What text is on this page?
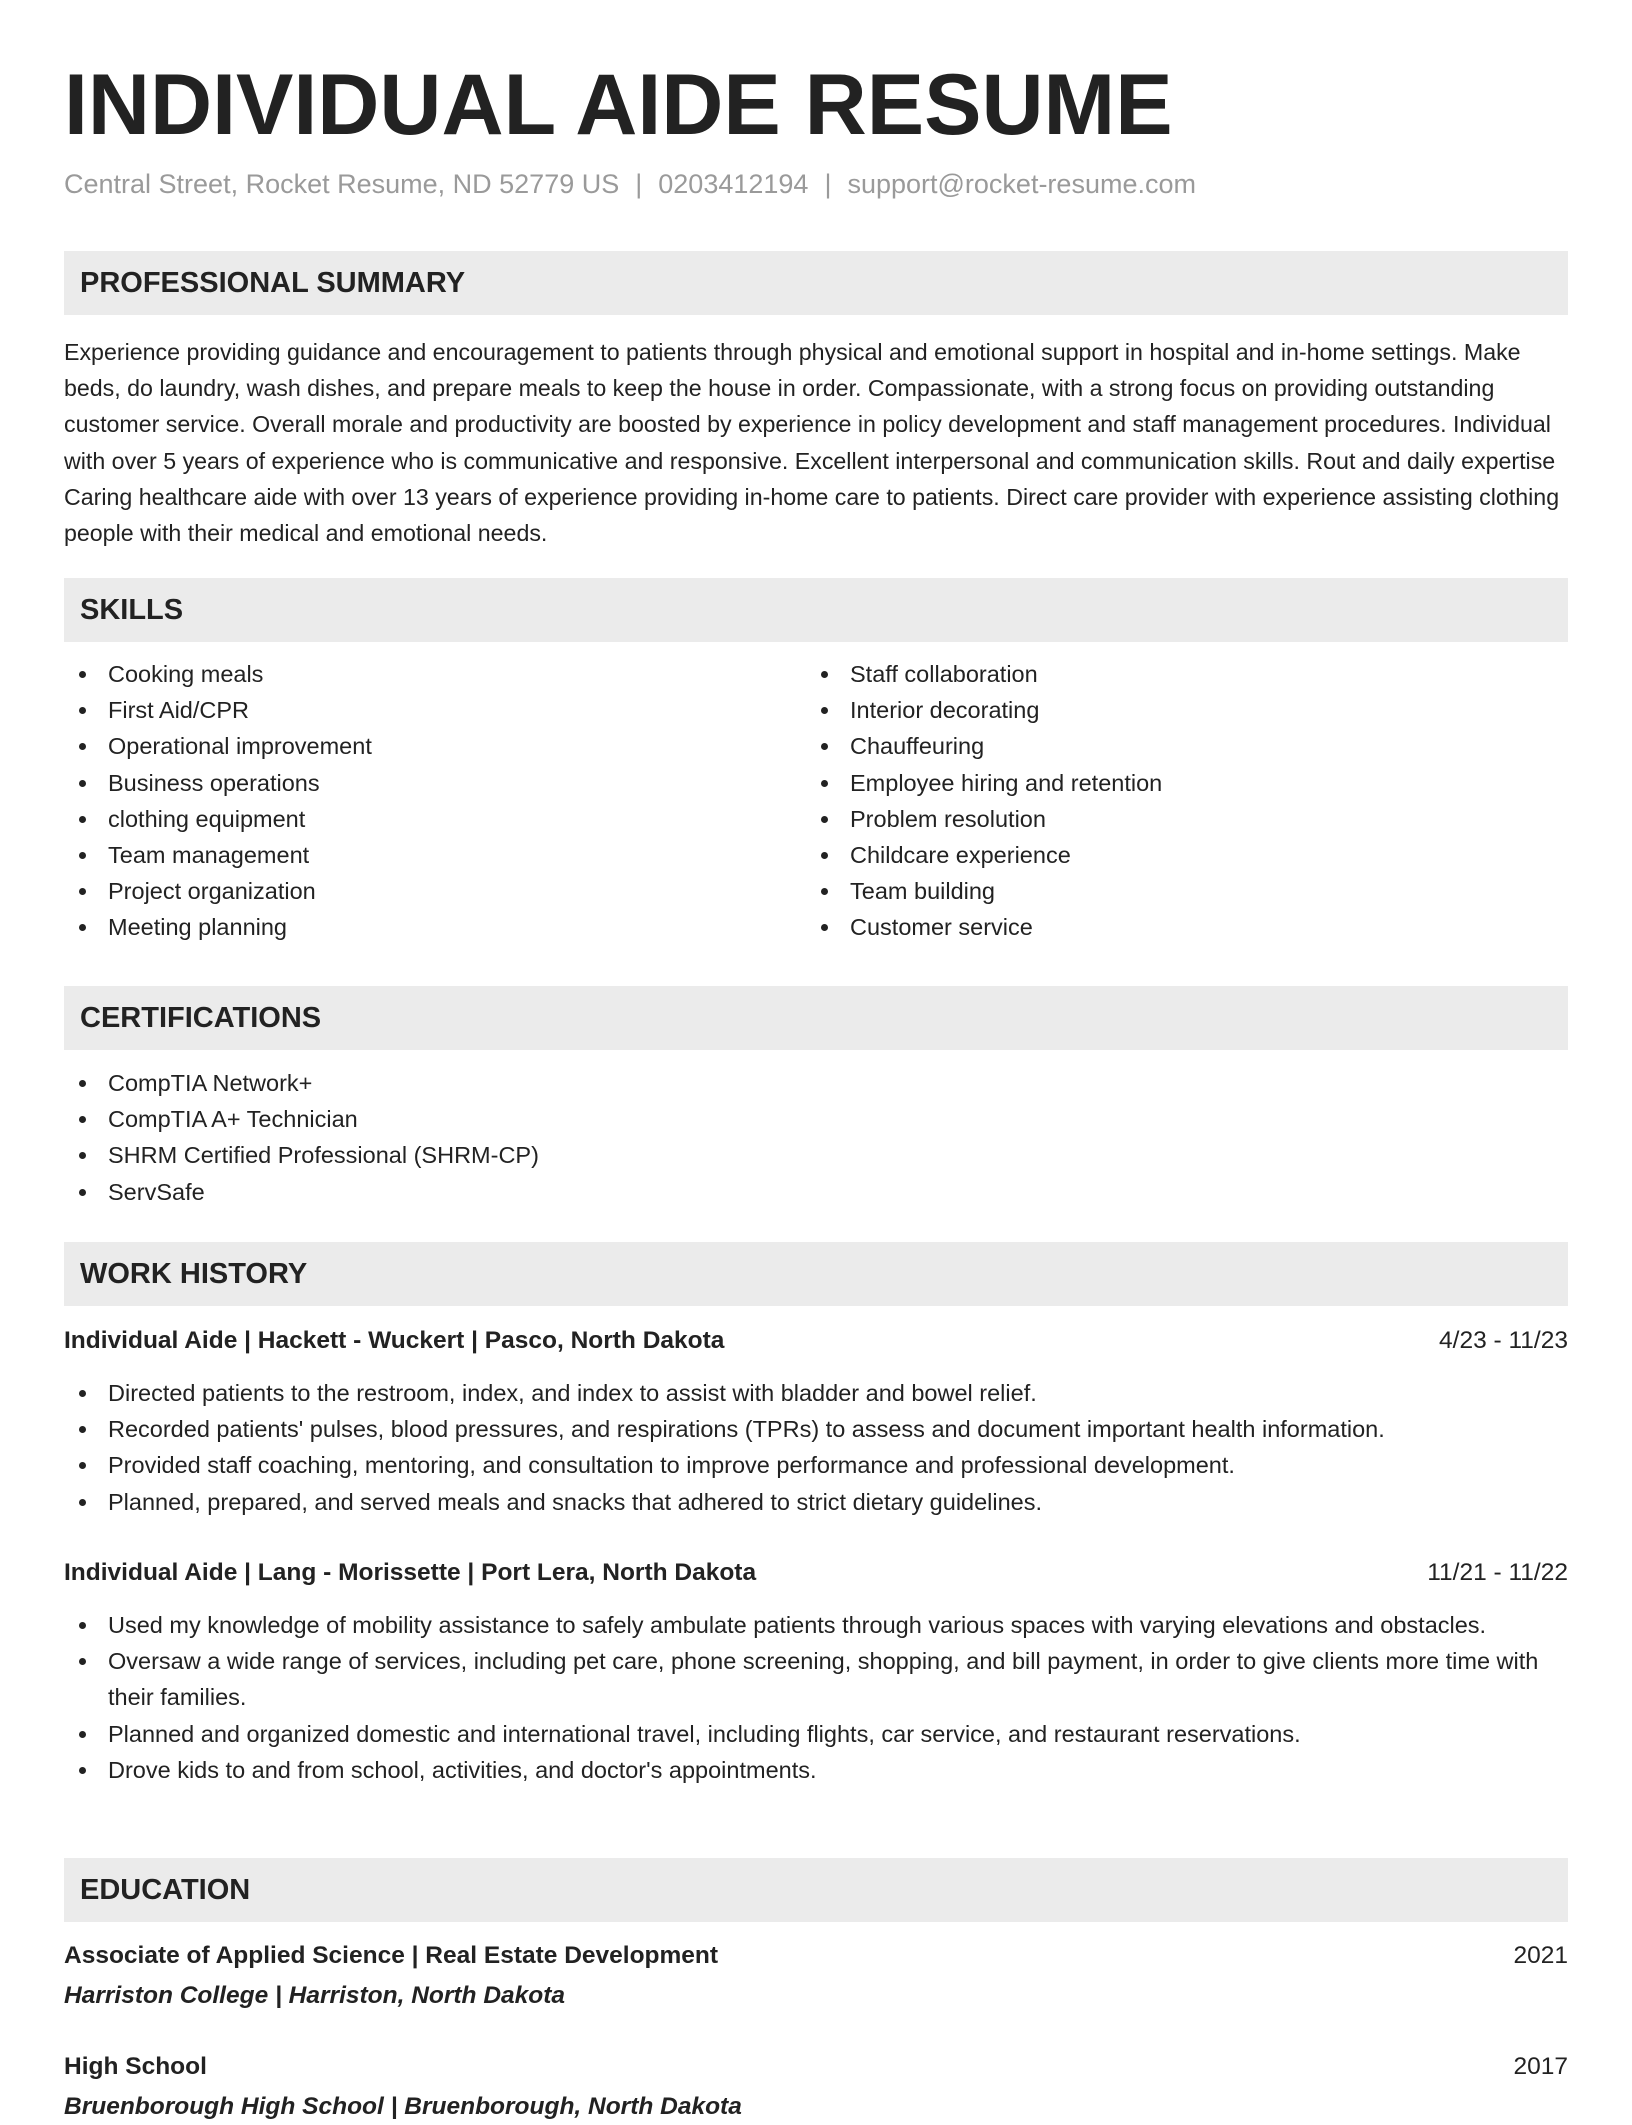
INDIVIDUAL AIDE RESUME
Central Street, Rocket Resume, ND 52779 US | 0203412194 | support@rocket-resume.com
PROFESSIONAL SUMMARY

Experience providing guidance and encouragement to patients through physical and emotional support in hospital and in-home settings. Make beds, do laundry, wash dishes, and prepare meals to keep the house in order. Compassionate, with a strong focus on providing outstanding customer service. Overall morale and productivity are boosted by experience in policy development and staff management procedures. Individual with over 5 years of experience who is communicative and responsive. Excellent interpersonal and communication skills. Rout and daily expertise Caring healthcare aide with over 13 years of experience providing in-home care to patients. Direct care provider with experience assisting clothing people with their medical and emotional needs.

SKILLS
Cooking meals
First Aid/CPR
Operational improvement
Business operations
clothing equipment
Team management
Project organization
Meeting planning
Staff collaboration
Interior decorating
Chauffeuring
Employee hiring and retention
Problem resolution
Childcare experience
Team building
Customer service
CERTIFICATIONS
CompTIA Network+
CompTIA A+ Technician
SHRM Certified Professional (SHRM-CP)
ServSafe
WORK HISTORY
Individual Aide | Hackett - Wuckert | Pasco, North Dakota	4/23 - 11/23
Directed patients to the restroom, index, and index to assist with bladder and bowel relief.
Recorded patients' pulses, blood pressures, and respirations (TPRs) to assess and document important health information.
Provided staff coaching, mentoring, and consultation to improve performance and professional development.
Planned, prepared, and served meals and snacks that adhered to strict dietary guidelines.
Individual Aide | Lang - Morissette | Port Lera, North Dakota	11/21 - 11/22
Used my knowledge of mobility assistance to safely ambulate patients through various spaces with varying elevations and obstacles.
Oversaw a wide range of services, including pet care, phone screening, shopping, and bill payment, in order to give clients more time with their families.
Planned and organized domestic and international travel, including flights, car service, and restaurant reservations.
Drove kids to and from school, activities, and doctor's appointments.
EDUCATION
Associate of Applied Science | Real Estate Development	2021
Harriston College | Harriston, North Dakota
High School	2017
Bruenborough High School | Bruenborough, North Dakota
